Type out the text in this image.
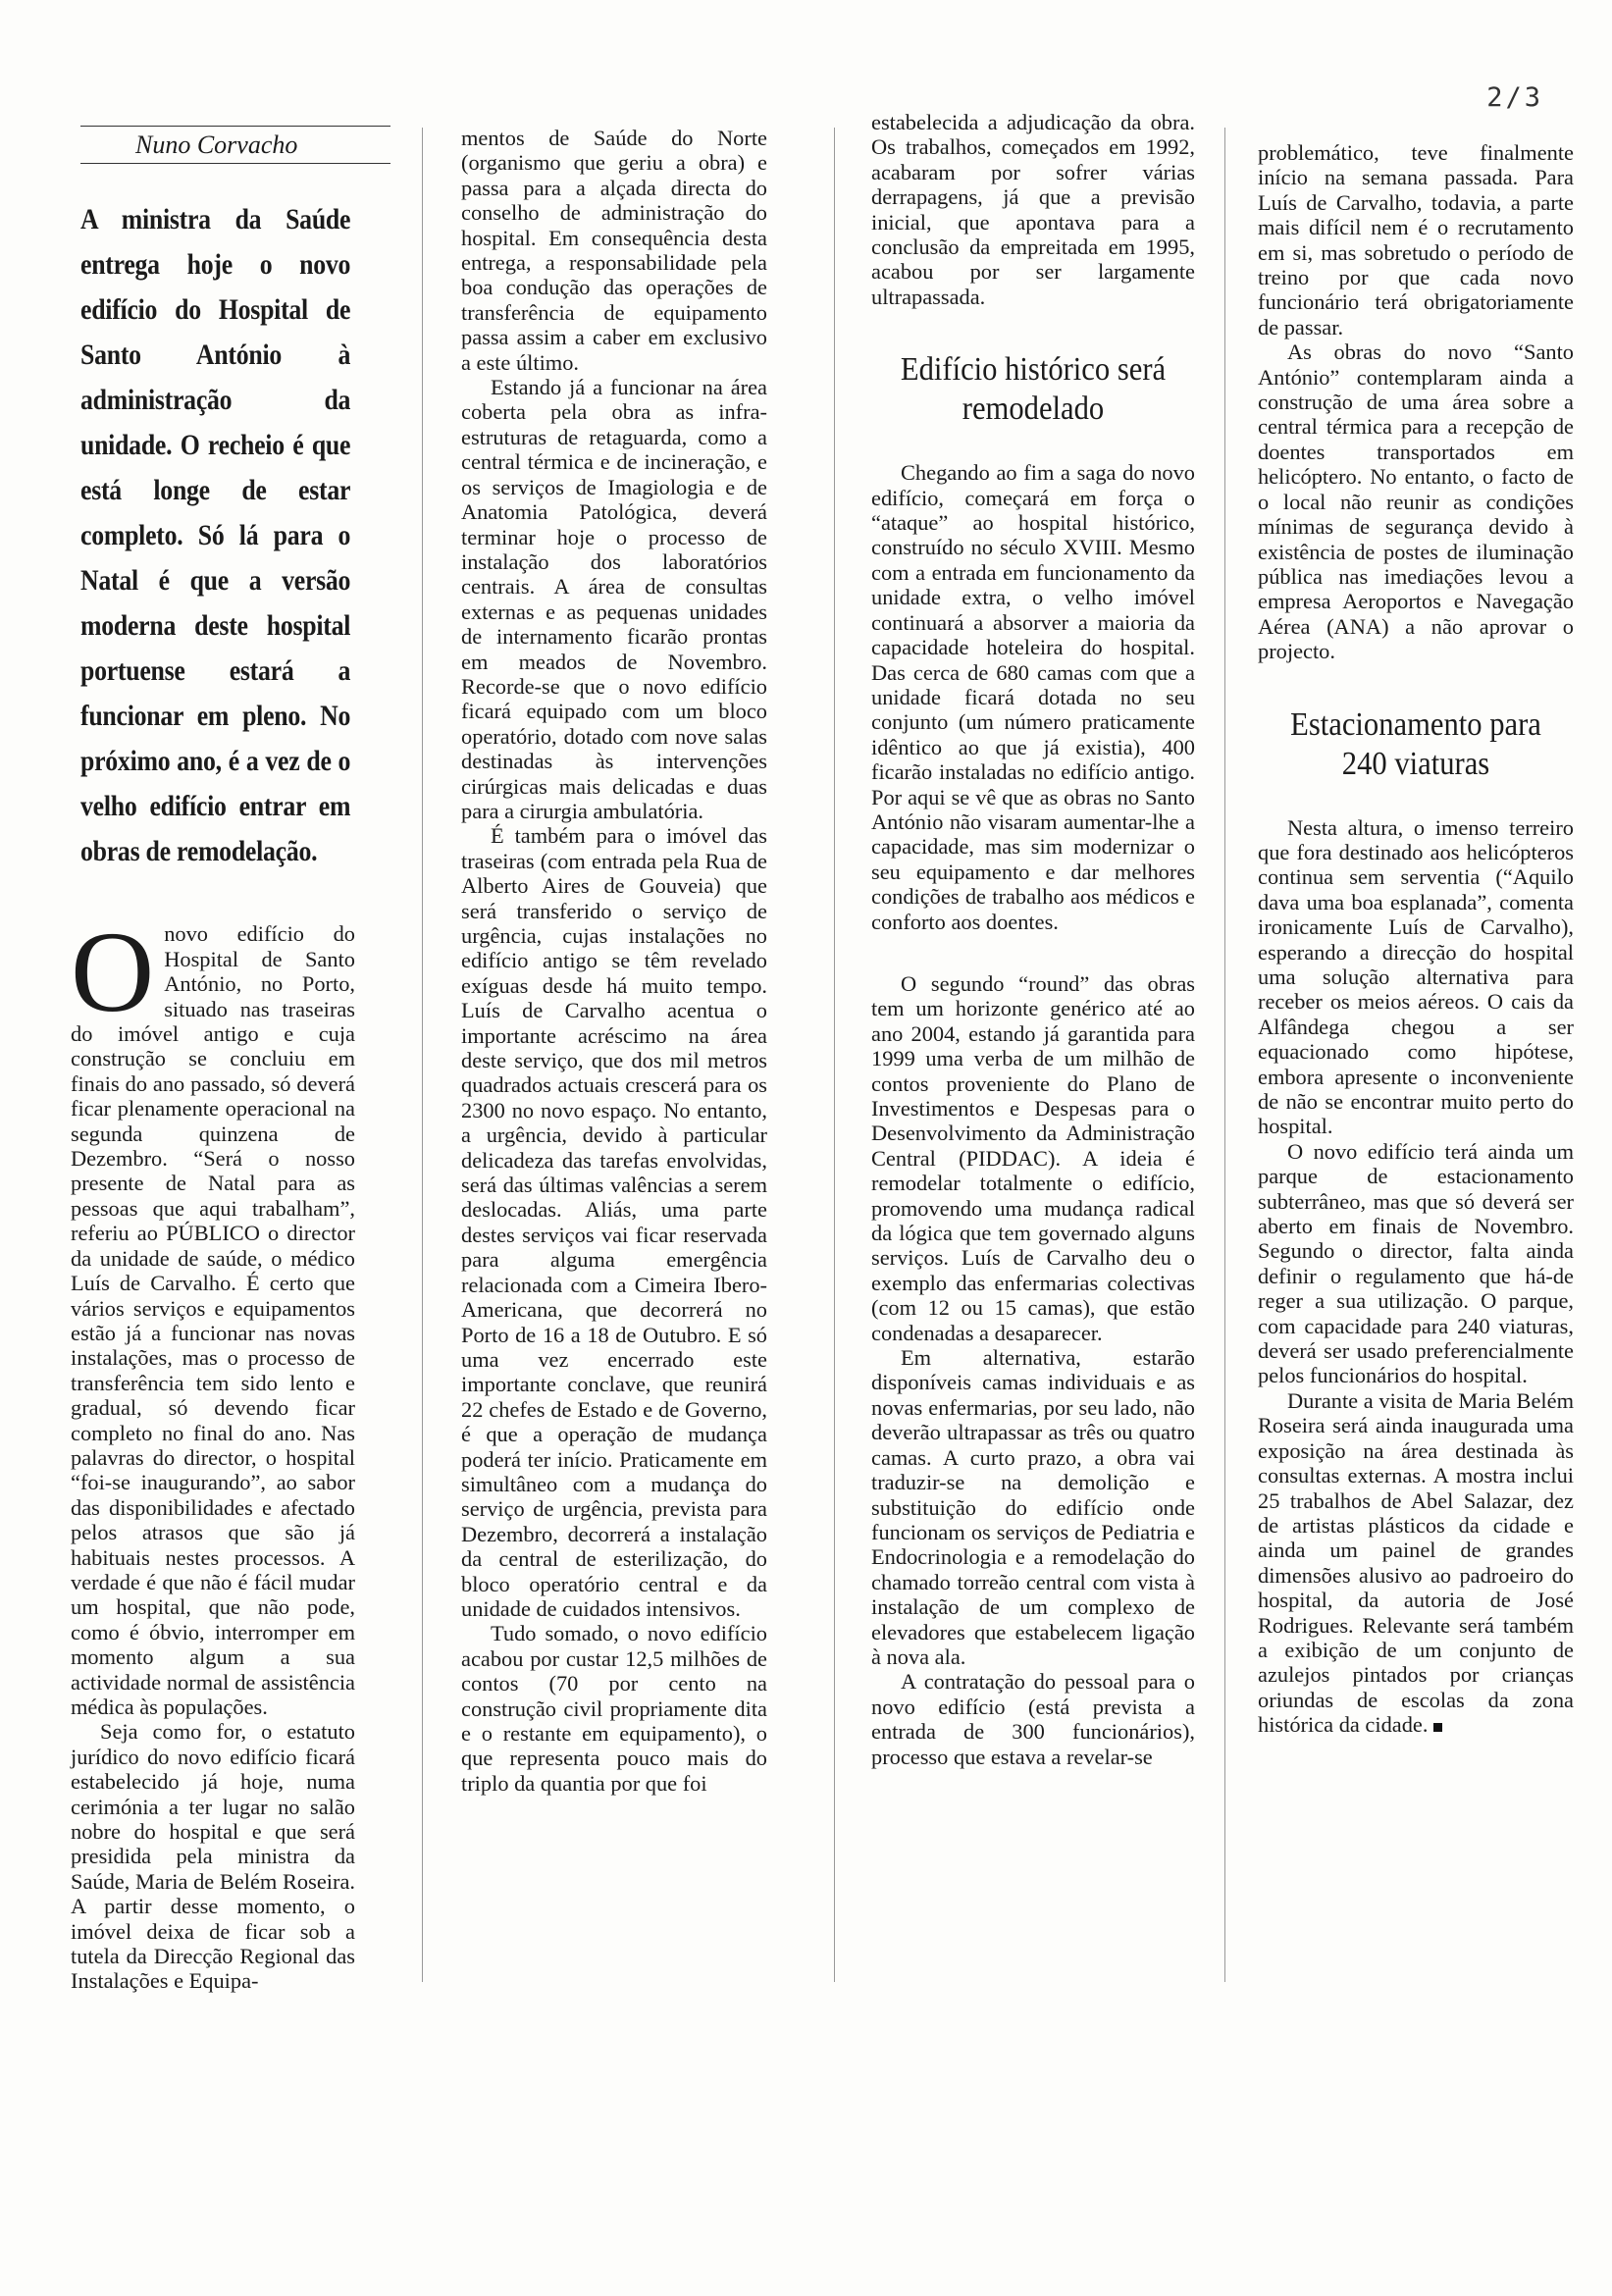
2/3
Nuno Corvacho
A ministra da Saúde entrega hoje o novo edifício do Hospital de Santo António à administração da unidade. O recheio é que está longe de estar completo. Só lá para o Natal é que a versão moderna deste hospital portuense estará a funcionar em pleno. No próximo ano, é a vez de o velho edifício entrar em obras de remodelação.

Onovo edifício do Hospital de Santo António, no Porto, situado nas traseiras do imóvel antigo e cuja construção se concluiu em finais do ano passado, só deverá ficar plenamente operacional na segunda quinzena de Dezembro. “Será o nosso presente de Natal para as pessoas que aqui trabalham”, referiu ao PÚBLICO o director da unidade de saúde, o médico Luís de Carvalho. É certo que vários serviços e equipamentos estão já a funcionar nas novas instalações, mas o processo de transferência tem sido lento e gradual, só devendo ficar completo no final do ano. Nas palavras do director, o hospital “foi-se inaugurando”, ao sabor das disponibilidades e afectado pelos atrasos que são já habituais nestes processos. A verdade é que não é fácil mudar um hospital, que não pode, como é óbvio, interromper em momento algum a sua actividade normal de assistência médica às populações.

Seja como for, o estatuto jurídico do novo edifício ficará estabelecido já hoje, numa cerimónia a ter lugar no salão nobre do hospital e que será presidida pela ministra da Saúde, Maria de Belém Roseira. A partir desse momento, o imóvel deixa de ficar sob a tutela da Direcção Regional das Instalações e Equipa-

mentos de Saúde do Norte (organismo que geriu a obra) e passa para a alçada directa do conselho de administração do hospital. Em consequência desta entrega, a responsabilidade pela boa condução das operações de transferência de equipamento passa assim a caber em exclusivo a este último.

Estando já a funcionar na área coberta pela obra as infra-estruturas de retaguarda, como a central térmica e de incineração, e os serviços de Imagiologia e de Anatomia Patológica, deverá terminar hoje o processo de instalação dos laboratórios centrais. A área de consultas externas e as pequenas unidades de internamento ficarão prontas em meados de Novembro. Recorde-se que o novo edifício ficará equipado com um bloco operatório, dotado com nove salas destinadas às intervenções cirúrgicas mais delicadas e duas para a cirurgia ambulatória.

É também para o imóvel das traseiras (com entrada pela Rua de Alberto Aires de Gouveia) que será transferido o serviço de urgência, cujas instalações no edifício antigo se têm revelado exíguas desde há muito tempo. Luís de Carvalho acentua o importante acréscimo na área deste serviço, que dos mil metros quadrados actuais crescerá para os 2300 no novo espaço. No entanto, a urgência, devido à particular delicadeza das tarefas envolvidas, será das últimas valências a serem deslocadas. Aliás, uma parte destes serviços vai ficar reservada para alguma emergência relacionada com a Cimeira Ibero-Americana, que decorrerá no Porto de 16 a 18 de Outubro. E só uma vez encerrado este importante conclave, que reunirá 22 chefes de Estado e de Governo, é que a operação de mudança poderá ter início. Praticamente em simultâneo com a mudança do serviço de urgência, prevista para Dezembro, decorrerá a instalação da central de esterilização, do bloco operatório central e da unidade de cuidados intensivos.

Tudo somado, o novo edifício acabou por custar 12,5 milhões de contos (70 por cento na construção civil propriamente dita e o restante em equipamento), o que representa pouco mais do triplo da quantia por que foi

estabelecida a adjudicação da obra. Os trabalhos, começados em 1992, acabaram por sofrer várias derrapagens, já que a previsão inicial, que apontava para a conclusão da empreitada em 1995, acabou por ser largamente ultrapassada.

Edifício histórico será remodelado

Chegando ao fim a saga do novo edifício, começará em força o “ataque” ao hospital histórico, construído no século XVIII. Mesmo com a entrada em funcionamento da unidade extra, o velho imóvel continuará a absorver a maioria da capacidade hoteleira do hospital. Das cerca de 680 camas com que a unidade ficará dotada no seu conjunto (um número praticamente idêntico ao que já existia), 400 ficarão instaladas no edifício antigo. Por aqui se vê que as obras no Santo António não visaram aumentar-lhe a capacidade, mas sim modernizar o seu equipamento e dar melhores condições de trabalho aos médicos e conforto aos doentes.

O segundo “round” das obras tem um horizonte genérico até ao ano 2004, estando já garantida para 1999 uma verba de um milhão de contos proveniente do Plano de Investimentos e Despesas para o Desenvolvimento da Administração Central (PIDDAC). A ideia é remodelar totalmente o edifício, promovendo uma mudança radical da lógica que tem governado alguns serviços. Luís de Carvalho deu o exemplo das enfermarias colectivas (com 12 ou 15 camas), que estão condenadas a desaparecer.

Em alternativa, estarão disponíveis camas individuais e as novas enfermarias, por seu lado, não deverão ultrapassar as três ou quatro camas. A curto prazo, a obra vai traduzir-se na demolição e substituição do edifício onde funcionam os serviços de Pediatria e Endocrinologia e a remodelação do chamado torreão central com vista à instalação de um complexo de elevadores que estabelecem ligação à nova ala.

A contratação do pessoal para o novo edifício (está prevista a entrada de 300 funcionários), processo que estava a revelar-se

problemático, teve finalmente início na semana passada. Para Luís de Carvalho, todavia, a parte mais difícil nem é o recrutamento em si, mas sobretudo o período de treino por que cada novo funcionário terá obrigatoriamente de passar.

As obras do novo “Santo António” contemplaram ainda a construção de uma área sobre a central térmica para a recepção de doentes transportados em helicóptero. No entanto, o facto de o local não reunir as condições mínimas de segurança devido à existência de postes de iluminação pública nas imediações levou a empresa Aeroportos e Navegação Aérea (ANA) a não aprovar o projecto.

Estacionamento para 240 viaturas

Nesta altura, o imenso terreiro que fora destinado aos helicópteros continua sem serventia (“Aquilo dava uma boa esplanada”, comenta ironicamente Luís de Carvalho), esperando a direcção do hospital uma solução alternativa para receber os meios aéreos. O cais da Alfândega chegou a ser equacionado como hipótese, embora apresente o inconveniente de não se encontrar muito perto do hospital.

O novo edifício terá ainda um parque de estacionamento subterrâneo, mas que só deverá ser aberto em finais de Novembro. Segundo o director, falta ainda definir o regulamento que há-de reger a sua utilização. O parque, com capacidade para 240 viaturas, deverá ser usado preferencialmente pelos funcionários do hospital.

Durante a visita de Maria Belém Roseira será ainda inaugurada uma exposição na área destinada às consultas externas. A mostra inclui 25 trabalhos de Abel Salazar, dez de artistas plásticos da cidade e ainda um painel de grandes dimensões alusivo ao padroeiro do hospital, da autoria de José Rodrigues. Relevante será também a exibição de um conjunto de azulejos pintados por crianças oriundas de escolas da zona histórica da cidade.
